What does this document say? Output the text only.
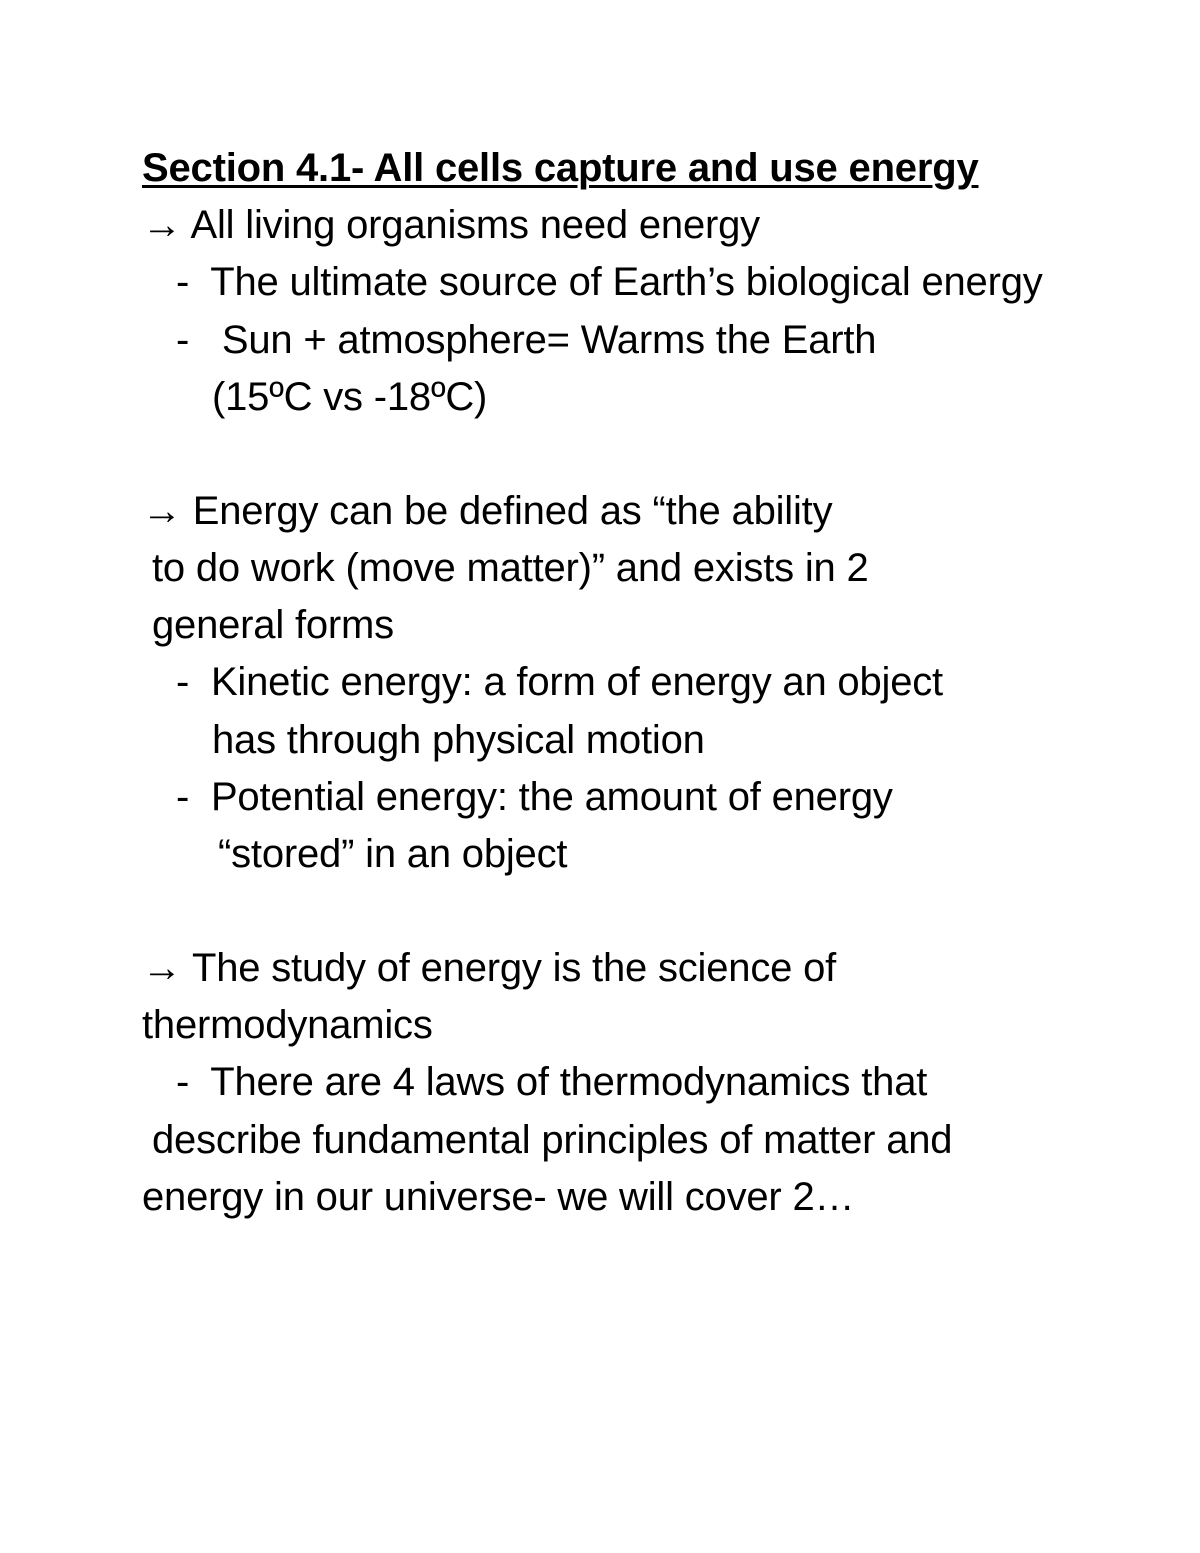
Section 4.1- All cells capture and use energy
→ All living organisms need energy
-  The ultimate source of Earth’s biological energy
-   Sun + atmosphere= Warms the Earth
(15ºC vs -18ºC)
→ Energy can be defined as “the ability
to do work (move matter)” and exists in 2
general forms
-  Kinetic energy: a form of energy an object
has through physical motion
-  Potential energy: the amount of energy
“stored” in an object
→ The study of energy is the science of
thermodynamics
-  There are 4 laws of thermodynamics that
describe fundamental principles of matter and
energy in our universe- we will cover 2…
